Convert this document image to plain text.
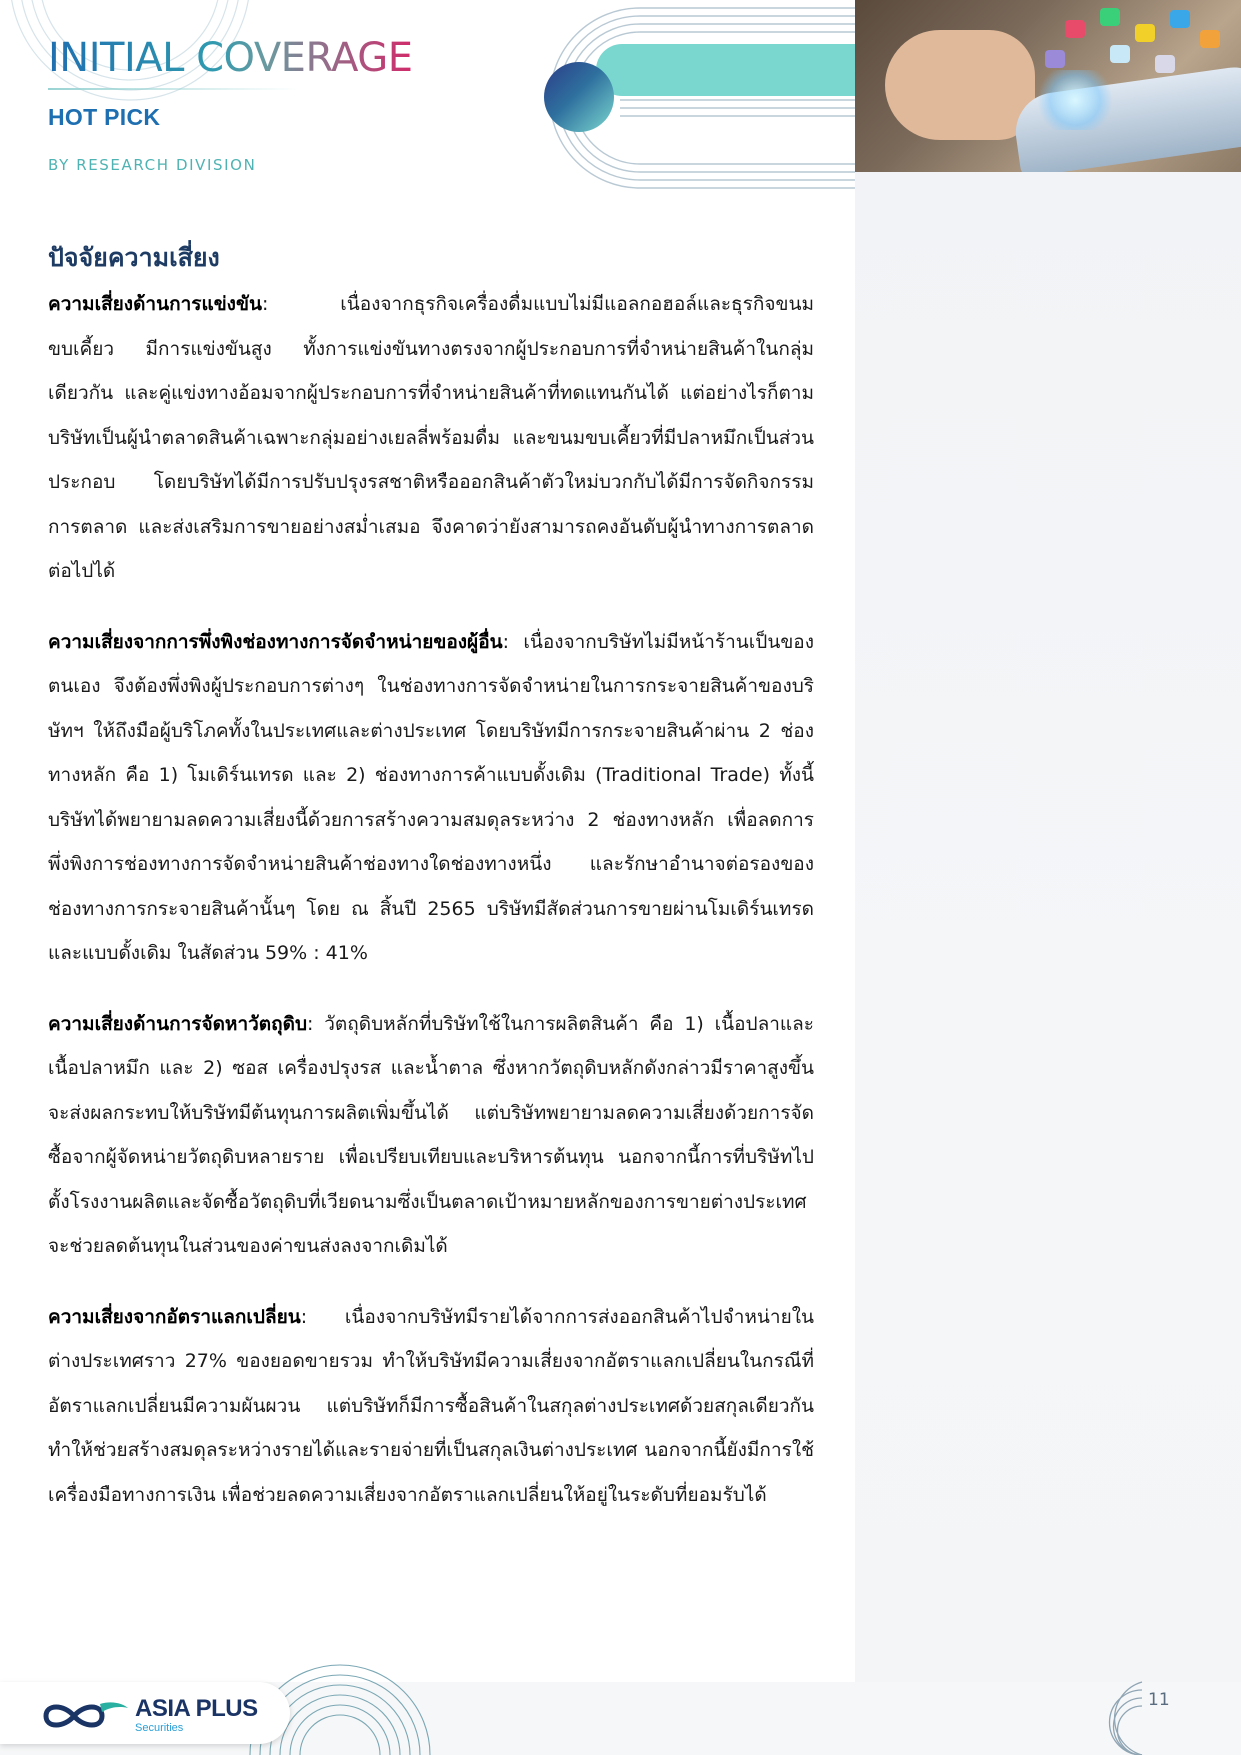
INITIAL COVERAGE
HOT PICK
BY RESEARCH DIVISION
ปัจจัยความเสี่ยง

ความเสี่ยงด้านการแข่งขัน: เนื่องจากธุรกิจเครื่องดื่มแบบไม่มีแอลกอฮอล์และธุรกิจขนมขบเคี้ยว มีการแข่งขันสูง ทั้งการแข่งขันทางตรงจากผู้ประกอบการที่จำหน่ายสินค้าในกลุ่มเดียวกัน และคู่แข่งทางอ้อมจากผู้ประกอบการที่จำหน่ายสินค้าที่ทดแทนกันได้ แต่อย่างไรก็ตามบริษัทเป็นผู้นำตลาดสินค้าเฉพาะกลุ่มอย่างเยลลี่พร้อมดื่ม และขนมขบเคี้ยวที่มีปลาหมึกเป็นส่วนประกอบ โดยบริษัทได้มีการปรับปรุงรสชาติหรือออกสินค้าตัวใหม่บวกกับได้มีการจัดกิจกรรมการตลาด และส่งเสริมการขายอย่างสม่ำเสมอ จึงคาดว่ายังสามารถคงอันดับผู้นำทางการตลาดต่อไปได้

ความเสี่ยงจากการพึ่งพิงช่องทางการจัดจำหน่ายของผู้อื่น: เนื่องจากบริษัทไม่มีหน้าร้านเป็นของตนเอง จึงต้องพึ่งพิงผู้ประกอบการต่างๆ ในช่องทางการจัดจำหน่ายในการกระจายสินค้าของบริษัทฯ ให้ถึงมือผู้บริโภคทั้งในประเทศและต่างประเทศ โดยบริษัทมีการกระจายสินค้าผ่าน 2 ช่องทางหลัก คือ 1) โมเดิร์นเทรด และ 2) ช่องทางการค้าแบบดั้งเดิม (Traditional Trade) ทั้งนี้บริษัทได้พยายามลดความเสี่ยงนี้ด้วยการสร้างความสมดุลระหว่าง 2 ช่องทางหลัก เพื่อลดการพึ่งพิงการช่องทางการจัดจำหน่ายสินค้าช่องทางใดช่องทางหนึ่ง และรักษาอำนาจต่อรองของช่องทางการกระจายสินค้านั้นๆ โดย ณ สิ้นปี 2565 บริษัทมีสัดส่วนการขายผ่านโมเดิร์นเทรด และแบบดั้งเดิม ในสัดส่วน 59% : 41%

ความเสี่ยงด้านการจัดหาวัตถุดิบ: วัตถุดิบหลักที่บริษัทใช้ในการผลิตสินค้า คือ 1) เนื้อปลาและเนื้อปลาหมึก และ 2) ซอส เครื่องปรุงรส และน้ำตาล ซึ่งหากวัตถุดิบหลักดังกล่าวมีราคาสูงขึ้น จะส่งผลกระทบให้บริษัทมีต้นทุนการผลิตเพิ่มขึ้นได้ แต่บริษัทพยายามลดความเสี่ยงด้วยการจัดซื้อจากผู้จัดหน่ายวัตถุดิบหลายราย เพื่อเปรียบเทียบและบริหารต้นทุน นอกจากนี้การที่บริษัทไปตั้งโรงงานผลิตและจัดซื้อวัตถุดิบที่เวียดนามซึ่งเป็นตลาดเป้าหมายหลักของการขายต่างประเทศ จะช่วยลดต้นทุนในส่วนของค่าขนส่งลงจากเดิมได้

ความเสี่ยงจากอัตราแลกเปลี่ยน: เนื่องจากบริษัทมีรายได้จากการส่งออกสินค้าไปจำหน่ายในต่างประเทศราว 27% ของยอดขายรวม ทำให้บริษัทมีความเสี่ยงจากอัตราแลกเปลี่ยนในกรณีที่อัตราแลกเปลี่ยนมีความผันผวน แต่บริษัทก็มีการซื้อสินค้าในสกุลต่างประเทศด้วยสกุลเดียวกัน ทำให้ช่วยสร้างสมดุลระหว่างรายได้และรายจ่ายที่เป็นสกุลเงินต่างประเทศ นอกจากนี้ยังมีการใช้เครื่องมือทางการเงิน เพื่อช่วยลดความเสี่ยงจากอัตราแลกเปลี่ยนให้อยู่ในระดับที่ยอมรับได้

ASIA PLUS
Securities
11
